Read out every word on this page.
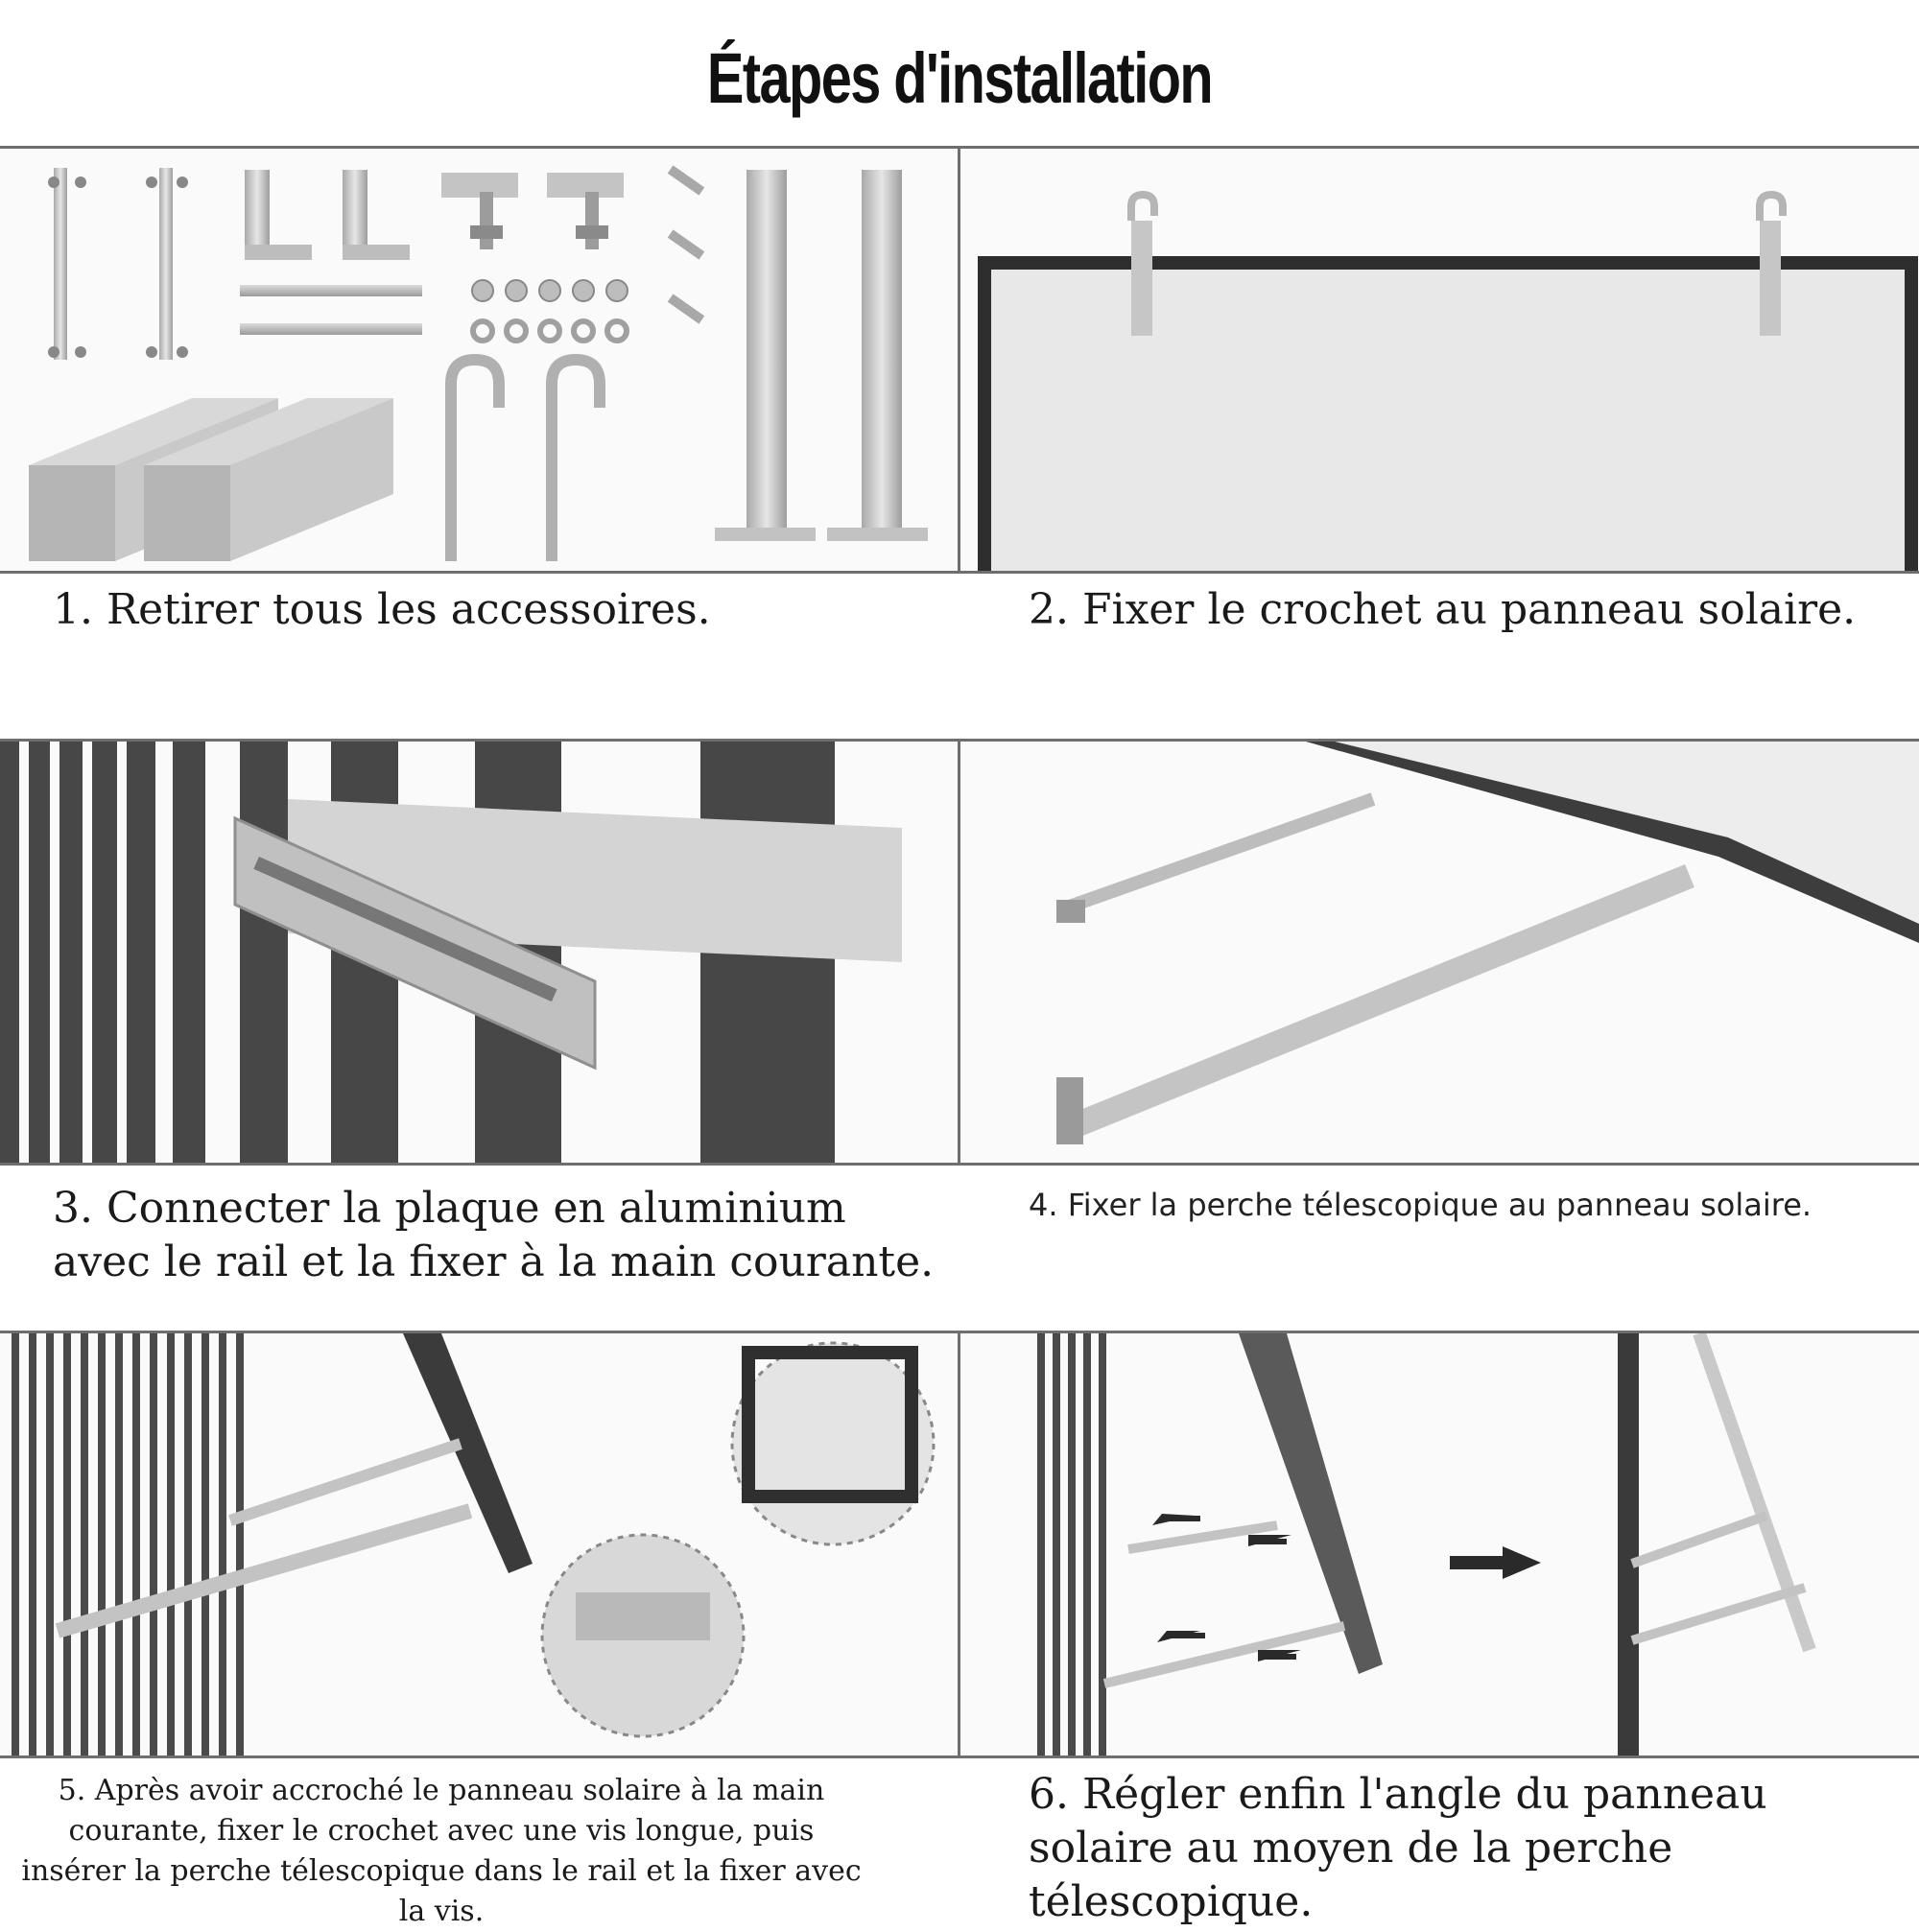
Étapes d'installation
1. Retirer tous les accessoires.	2. Fixer le crochet au panneau solaire.
3. Connecter la plaque en aluminium avec le rail et la fixer à la main courante.
4. Fixer la perche télescopique au panneau solaire.
5. Après avoir accroché le panneau solaire à la main courante, fixer le crochet avec une vis longue, puis insérer la perche télescopique dans le rail et la fixer avec la vis.
6. Régler enfin l'angle du panneau solaire au moyen de la perche télescopique.
